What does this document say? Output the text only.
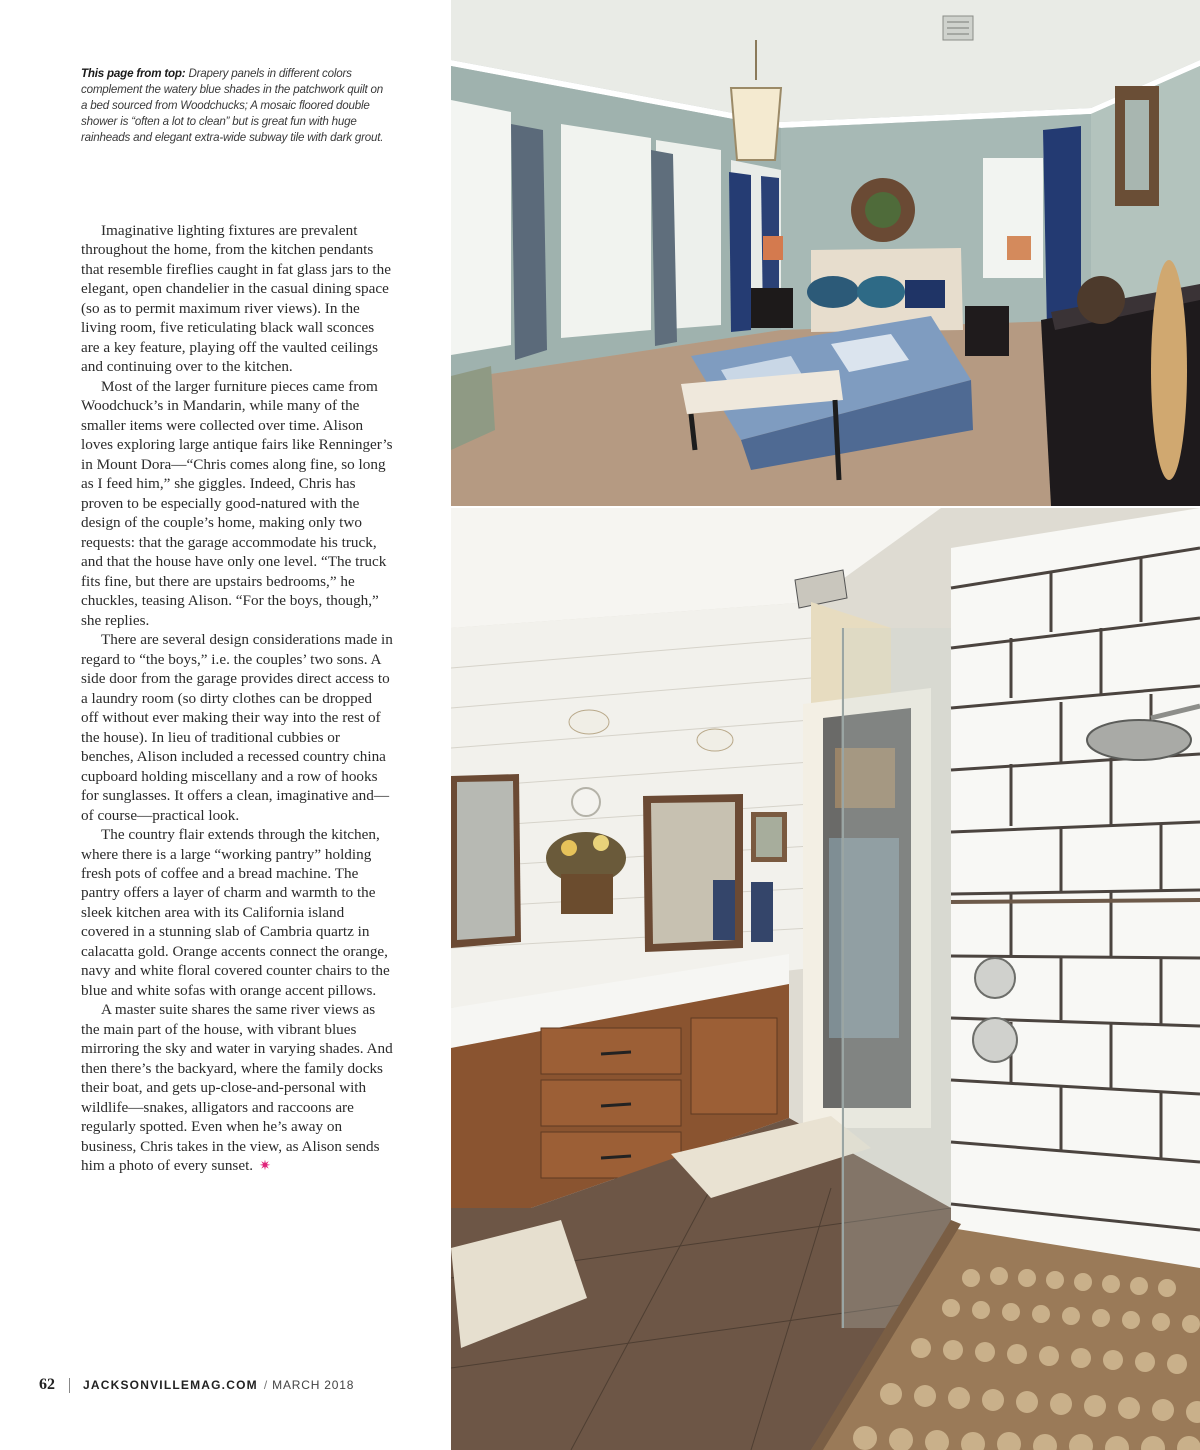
This page from top: Drapery panels in different colors complement the watery blue shades in the patchwork quilt on a bed sourced from Woodchucks; A mosaic floored double shower is “often a lot to clean” but is great fun with huge rainheads and elegant extra-wide subway tile with dark grout.

Imaginative lighting fixtures are prevalent throughout the home, from the kitchen pendants that resemble fireflies caught in fat glass jars to the elegant, open chandelier in the casual dining space (so as to permit maximum river views). In the living room, five reticulating black wall sconces are a key feature, playing off the vaulted ceilings and continuing over to the kitchen.

Most of the larger furniture pieces came from Woodchuck’s in Mandarin, while many of the smaller items were collected over time. Alison loves exploring large antique fairs like Renninger’s in Mount Dora—“Chris comes along fine, so long as I feed him,” she giggles. Indeed, Chris has proven to be especially good-natured with the design of the couple’s home, making only two requests: that the garage accommodate his truck, and that the house have only one level. “The truck fits fine, but there are upstairs bedrooms,” he chuckles, teasing Alison. “For the boys, though,” she replies.

There are several design considerations made in regard to “the boys,” i.e. the couples’ two sons. A side door from the garage provides direct access to a laundry room (so dirty clothes can be dropped off without ever making their way into the rest of the house). In lieu of traditional cubbies or benches, Alison included a recessed country china cupboard holding miscellany and a row of hooks for sunglasses. It offers a clean, imaginative and—of course—practical look.

The country flair extends through the kitchen, where there is a large “working pantry” holding fresh pots of coffee and a bread machine. The pantry offers a layer of charm and warmth to the sleek kitchen area with its California island covered in a stunning slab of Cambria quartz in calacatta gold. Orange accents connect the orange, navy and white floral covered counter chairs to the blue and white sofas with orange accent pillows.

A master suite shares the same river views as the main part of the house, with vibrant blues mirroring the sky and water in varying shades. And then there’s the backyard, where the family docks their boat, and gets up-close-and-personal with wildlife—snakes, alligators and raccoons are regularly spotted. Even when he’s away on business, Chris takes in the view, as Alison sends him a photo of every sunset. ✷

62 JACKSONVILLEMAG.COM / MARCH 2018
